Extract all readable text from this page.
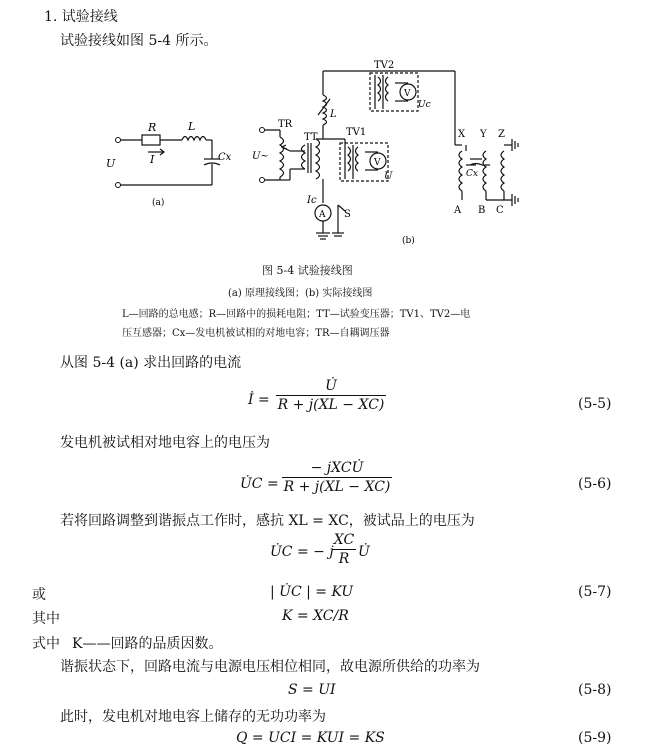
1. 试验接线
试验接线如图 5-4 所示。
R	L
U	I	Cx
(a)
TR
TT	TV1
TV2
L
U~
U
Uc
V
V
Ic
A S
Cx
X Y Z
A B C
(b)
图 5-4 试验接线图
(a) 原理接线图；(b) 实际接线图
L—回路的总电感；R—回路中的损耗电阻；TT—试验变压器；TV1、TV2—电
压互感器；Cx—发电机被试相的对地电容；TR—自耦调压器
从图 5-4 (a) 求出回路的电流
İ =
U̇
R + j(XL − XC)	(5-5)
发电机被试相对地电容上的电压为
U̇C =
− jXCU̇
R + j(XL − XC)	(5-6)
若将回路调整到谐振点工作时，感抗 XL = XC，被试品上的电压为
U̇C = − j
XC
R U̇
或	| U̇C | = KU	(5-7)
其中	K = XC/R
式中 K——回路的品质因数。
谐振状态下，回路电流与电源电压相位相同，故电源所供给的功率为
S = UI	(5-8)
此时，发电机对地电容上储存的无功功率为
Q = UCI = KUI = KS	(5-9)
